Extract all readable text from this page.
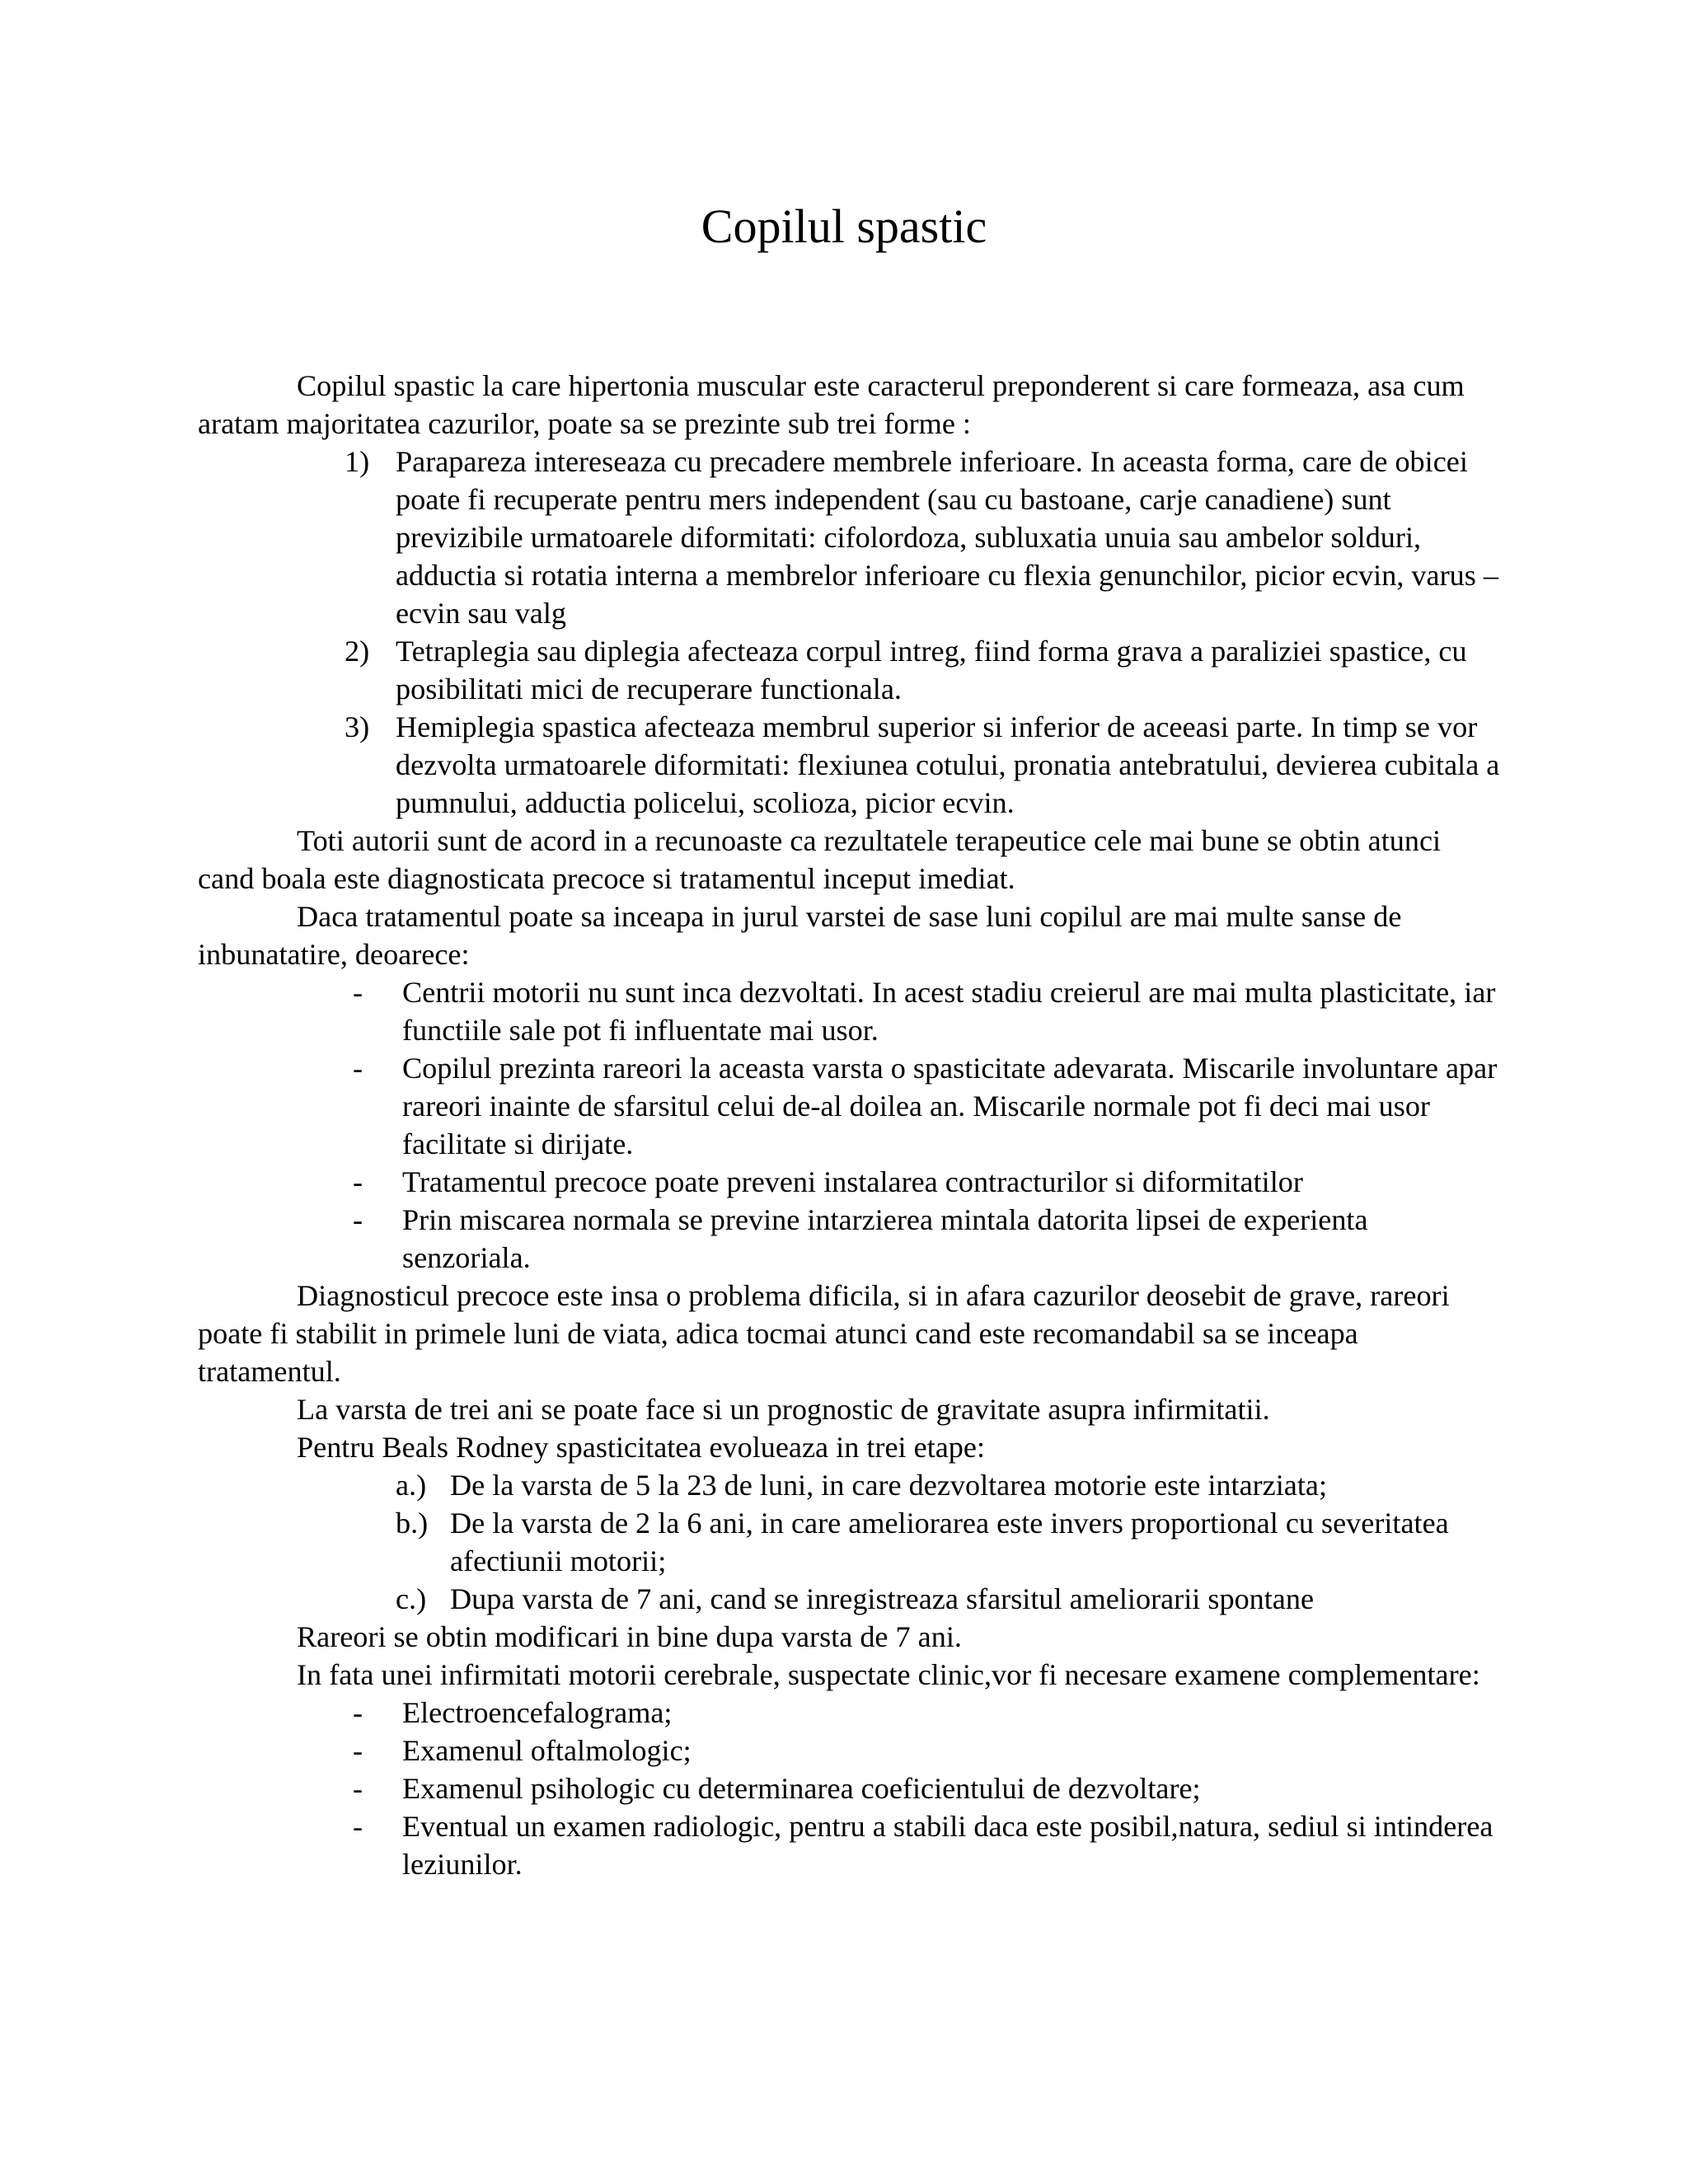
Copilul spastic

Copilul spastic la care hipertonia muscular este caracterul preponderent si care formeaza, asa cum aratam majoritatea cazurilor, poate sa se prezinte sub trei forme :

1) Parapareza intereseaza cu precadere membrele inferioare. In aceasta forma, care de obicei poate fi recuperate pentru mers independent (sau cu bastoane, carje canadiene) sunt previzibile urmatoarele diformitati: cifolordoza, subluxatia unuia sau ambelor solduri, adductia si rotatia interna a membrelor inferioare cu flexia genunchilor, picior ecvin, varus – ecvin sau valg
2) Tetraplegia sau diplegia afecteaza corpul intreg, fiind forma grava a paraliziei spastice, cu posibilitati mici de recuperare functionala.
3) Hemiplegia spastica afecteaza membrul superior si inferior de aceeasi parte. In timp se vor dezvolta urmatoarele diformitati: flexiunea cotului, pronatia antebratului, devierea cubitala a pumnului, adductia policelui, scolioza, picior ecvin.

Toti autorii sunt de acord in a recunoaste ca rezultatele terapeutice cele mai bune se obtin atunci cand boala este diagnosticata precoce si tratamentul inceput imediat.

Daca tratamentul poate sa inceapa in jurul varstei de sase luni copilul are mai multe sanse de inbunatatire, deoarece:

- Centrii motorii nu sunt inca dezvoltati. In acest stadiu creierul are mai multa plasticitate, iar functiile sale pot fi influentate mai usor.
- Copilul prezinta rareori la aceasta varsta o spasticitate adevarata. Miscarile involuntare apar rareori inainte de sfarsitul celui de-al doilea an. Miscarile normale pot fi deci mai usor facilitate si dirijate.
- Tratamentul precoce poate preveni instalarea contracturilor si diformitatilor
- Prin miscarea normala se previne intarzierea mintala datorita lipsei de experienta senzoriala.

Diagnosticul precoce este insa o problema dificila, si in afara cazurilor deosebit de grave, rareori poate fi stabilit in primele luni de viata, adica tocmai atunci cand este recomandabil sa se inceapa tratamentul.

La varsta de trei ani se poate face si un prognostic de gravitate asupra infirmitatii.

Pentru Beals Rodney spasticitatea evolueaza in trei etape:

a.) De la varsta de 5 la 23 de luni, in care dezvoltarea motorie este intarziata;
b.) De la varsta de 2 la 6 ani, in care ameliorarea este invers proportional cu severitatea afectiunii motorii;
c.) Dupa varsta de 7 ani, cand se inregistreaza sfarsitul ameliorarii spontane

Rareori se obtin modificari in bine dupa varsta de 7 ani.

In fata unei infirmitati motorii cerebrale, suspectate clinic,vor fi necesare examene complementare:

- Electroencefalograma;
- Examenul oftalmologic;
- Examenul psihologic cu determinarea coeficientului de dezvoltare;
- Eventual un examen radiologic, pentru a stabili daca este posibil,natura, sediul si intinderea leziunilor.
